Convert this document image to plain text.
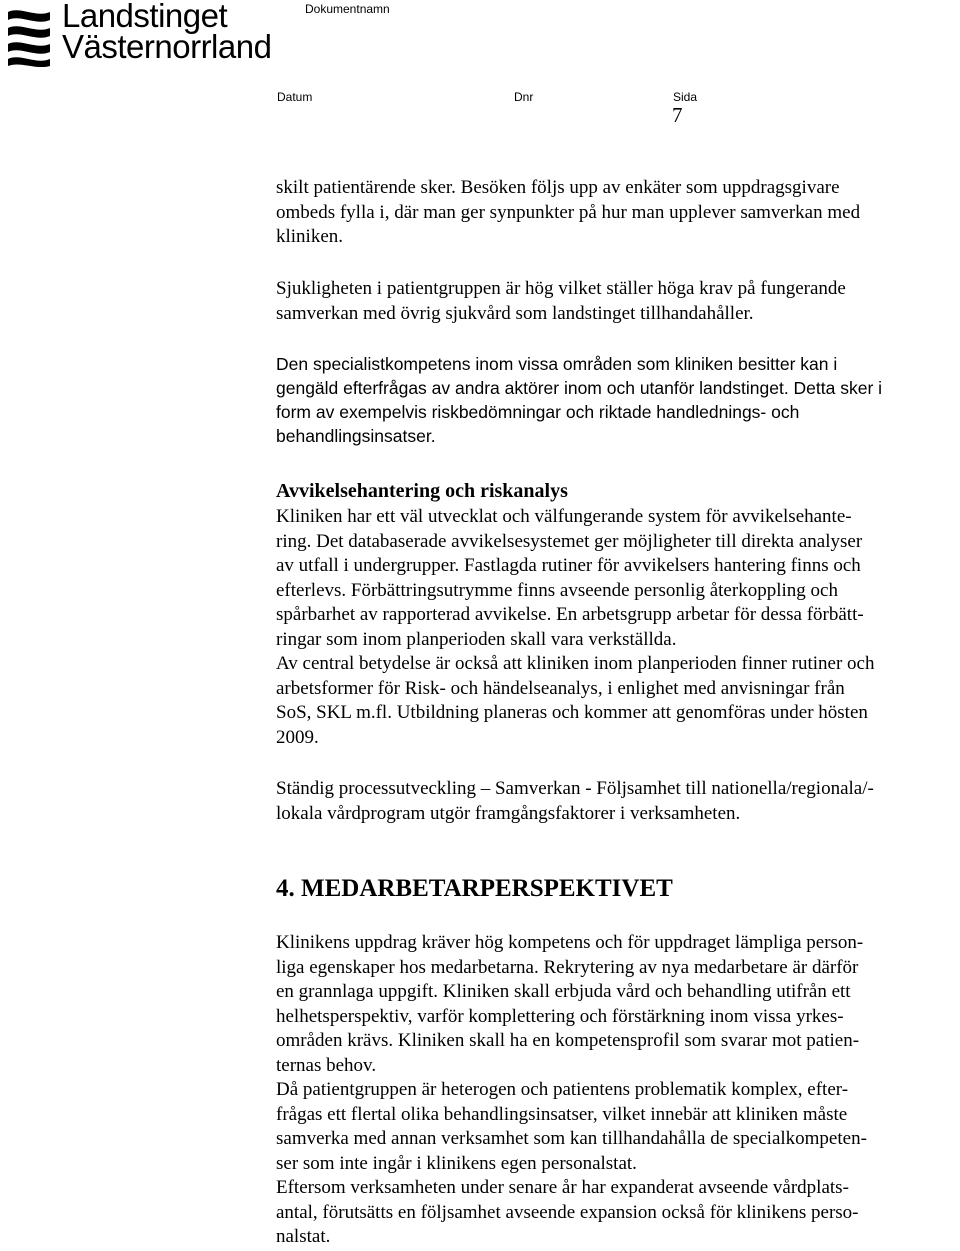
Landstinget
Västernorrland
Dokumentnamn
Datum	Dnr	Sida
7
skilt patientärende sker. Besöken följs upp av enkäter som uppdragsgivare
ombeds fylla i, där man ger synpunkter på hur man upplever samverkan med
kliniken.
Sjukligheten i patientgruppen är hög vilket ställer höga krav på fungerande
samverkan med övrig sjukvård som landstinget tillhandahåller.
Den specialistkompetens inom vissa områden som kliniken besitter kan i
gengäld efterfrågas av andra aktörer inom och utanför landstinget. Detta sker i
form av exempelvis riskbedömningar och riktade handlednings- och
behandlingsinsatser.
Avvikelsehantering och riskanalys
Kliniken har ett väl utvecklat och välfungerande system för avvikelsehante-
ring. Det databaserade avvikelsesystemet ger möjligheter till direkta analyser
av utfall i undergrupper. Fastlagda rutiner för avvikelsers hantering finns och
efterlevs. Förbättringsutrymme finns avseende personlig återkoppling och
spårbarhet av rapporterad avvikelse. En arbetsgrupp arbetar för dessa förbätt-
ringar som inom planperioden skall vara verkställda.
Av central betydelse är också att kliniken inom planperioden finner rutiner och
arbetsformer för Risk- och händelseanalys, i enlighet med anvisningar från
SoS, SKL m.fl. Utbildning planeras och kommer att genomföras under hösten
2009.
Ständig processutveckling – Samverkan - Följsamhet till nationella/regionala/-
lokala vårdprogram utgör framgångsfaktorer i verksamheten.
4. MEDARBETARPERSPEKTIVET
Klinikens uppdrag kräver hög kompetens och för uppdraget lämpliga person-
liga egenskaper hos medarbetarna. Rekrytering av nya medarbetare är därför
en grannlaga uppgift. Kliniken skall erbjuda vård och behandling utifrån ett
helhetsperspektiv, varför komplettering och förstärkning inom vissa yrkes-
områden krävs. Kliniken skall ha en kompetensprofil som svarar mot patien-
ternas behov.
Då patientgruppen är heterogen och patientens problematik komplex, efter-
frågas ett flertal olika behandlingsinsatser, vilket innebär att kliniken måste
samverka med annan verksamhet som kan tillhandahålla de specialkompeten-
ser som inte ingår i klinikens egen personalstat.
Eftersom verksamheten under senare år har expanderat avseende vårdplats-
antal, förutsätts en följsamhet avseende expansion också för klinikens perso-
nalstat.
